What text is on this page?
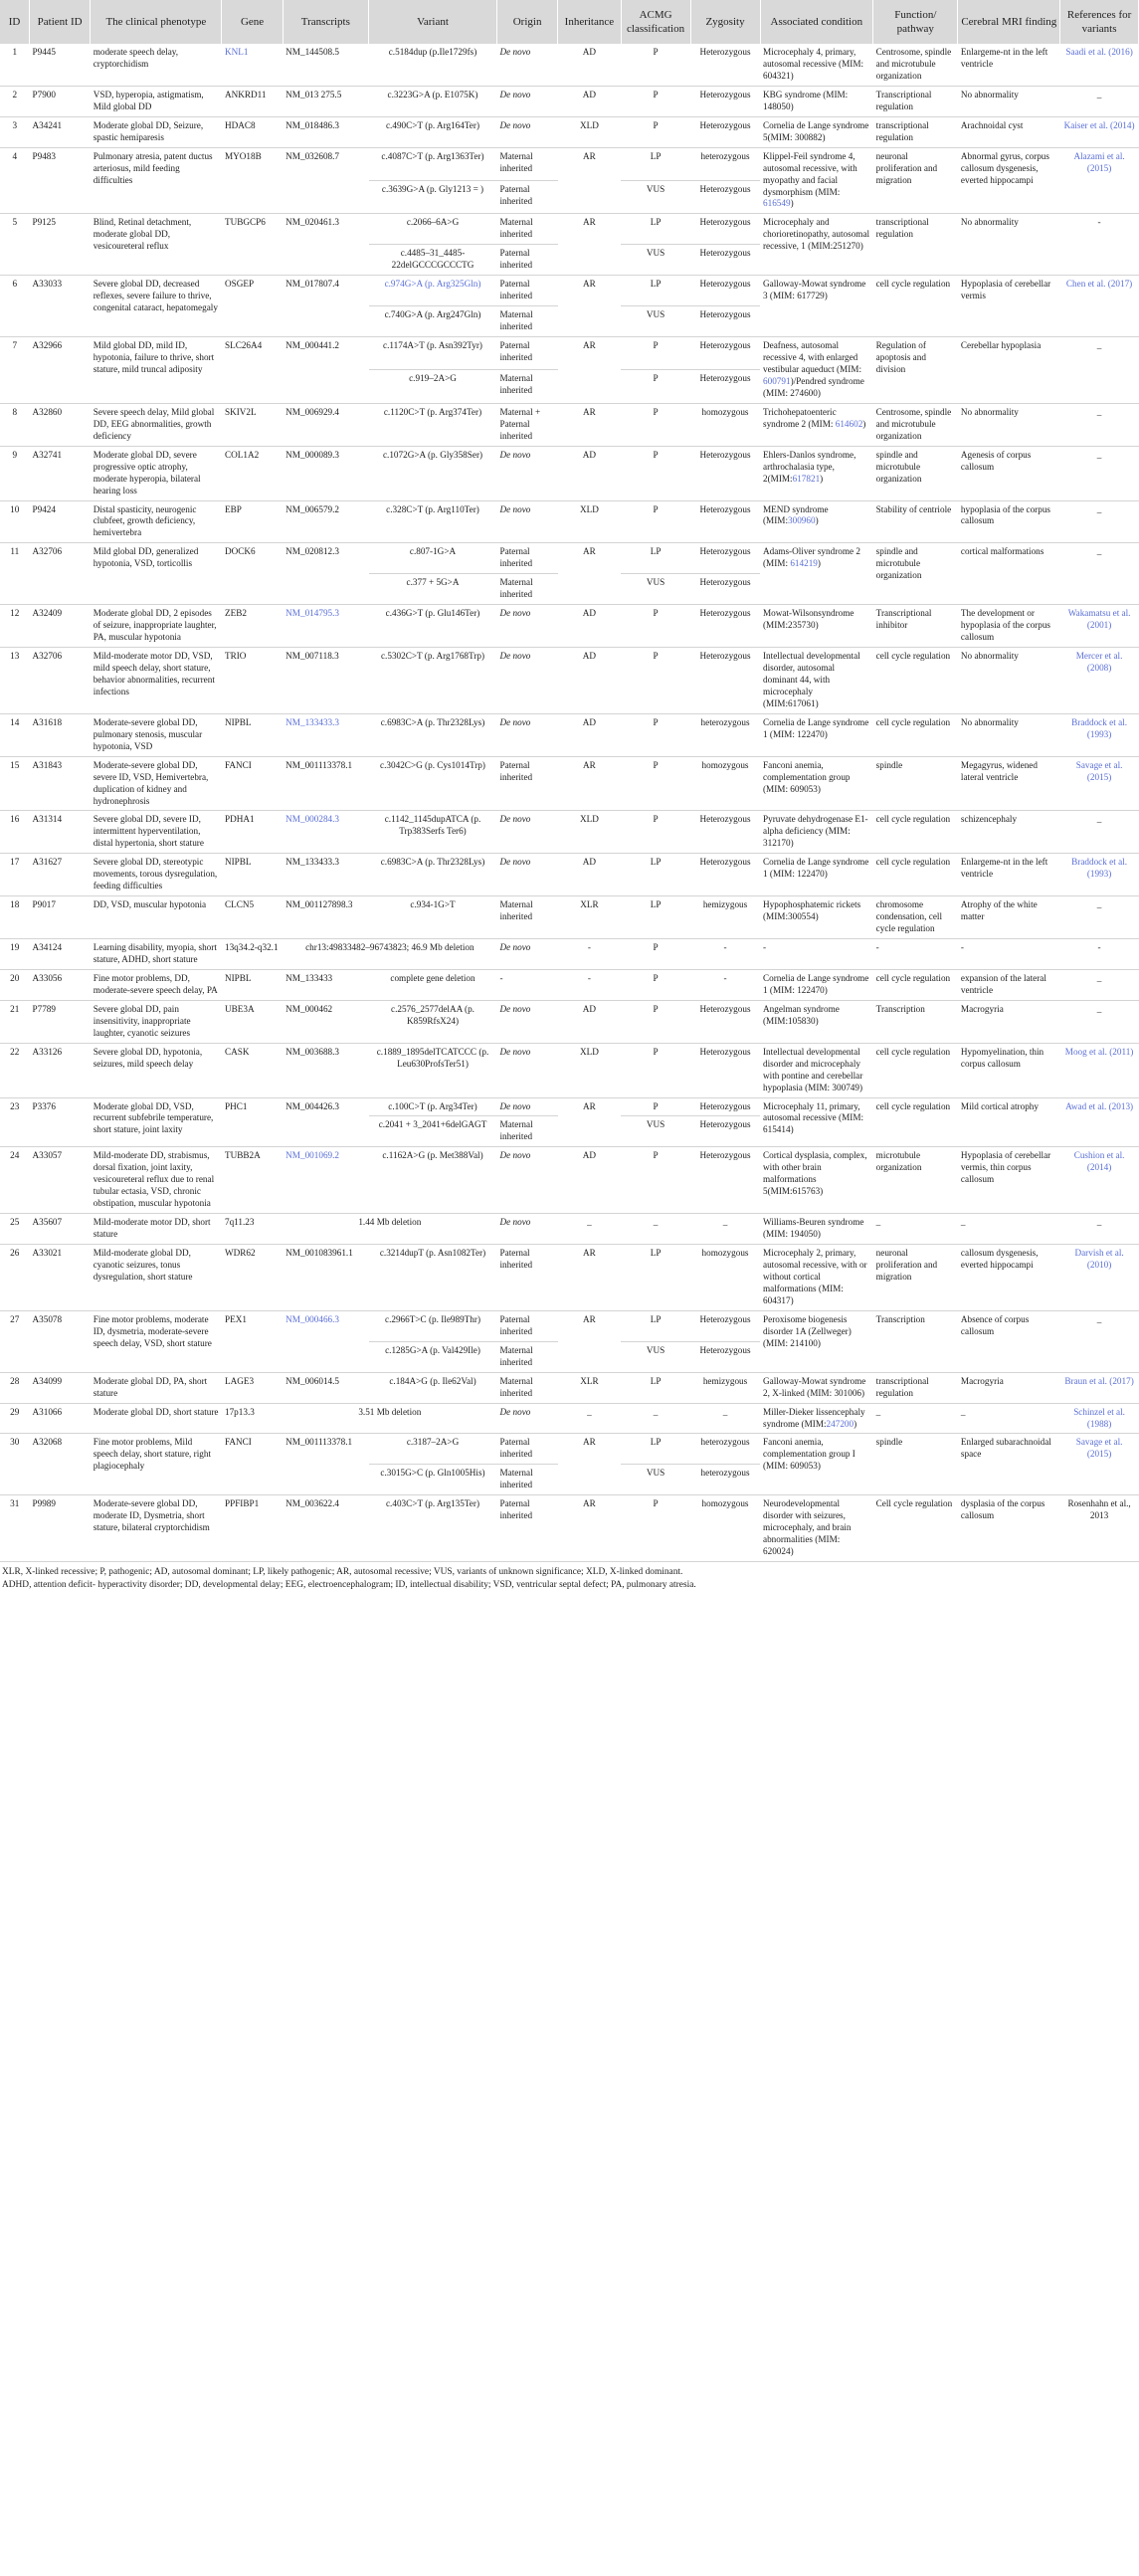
ID	Patient ID	The clinical phenotype	Gene	Transcripts	Variant	Origin	Inheritance	ACMG classification	Zygosity	Associated condition	Function/ pathway	Cerebral MRI finding	References for variants
1	P9445	moderate speech delay, cryptorchidism	KNL1	NM_144508.5	c.5184dup (p.Ile1729fs)	De novo	AD	P	Heterozygous	Microcephaly 4, primary, autosomal recessive (MIM: 604321)	Centrosome, spindle and microtubule organization	Enlargeme-nt in the left ventricle	Saadi et al. (2016)
2	P7900	VSD, hyperopia, astigmatism, Mild global DD	ANKRD11	NM_013 275.5	c.3223G>A (p. E1075K)	De novo	AD	P	Heterozygous	KBG syndrome (MIM: 148050)	Transcriptional regulation	No abnormality	_
3	A34241	Moderate global DD, Seizure, spastic hemiparesis	HDAC8	NM_018486.3	c.490C>T (p. Arg164Ter)	De novo	XLD	P	Heterozygous	Cornelia de Lange syndrome 5(MIM: 300882)	transcriptional regulation	Arachnoidal cyst	Kaiser et al. (2014)
4	P9483	Pulmonary atresia, patent ductus arteriosus, mild feeding difficulties	MYO18B	NM_032608.7	c.4087C>T (p. Arg1363Ter)	Maternal inherited	AR	LP	heterozygous	Klippel-Feil syndrome 4, autosomal recessive, with myopathy and facial dysmorphism (MIM: 616549)	neuronal proliferation and migration	Abnormal gyrus, corpus callosum dysgenesis, everted hippocampi	Alazami et al. (2015)
					c.3639G>A (p. Gly1213 = )	Paternal inherited		VUS	Heterozygous				
5	P9125	Blind, Retinal detachment, moderate global DD, vesicoureteral reflux	TUBGCP6	NM_020461.3	c.2066–6A>G	Maternal inherited	AR	LP	Heterozygous	Microcephaly and chorioretinopathy, autosomal recessive, 1 (MIM:251270)	transcriptional regulation	No abnormality	-
					c.4485–31_4485-22delGCCCGCCCTG	Paternal inherited		VUS	Heterozygous				
6	A33033	Severe global DD, decreased reflexes, severe failure to thrive, congenital cataract, hepatomegaly	OSGEP	NM_017807.4	c.974G>A (p. Arg325Gln)	Paternal inherited	AR	LP	Heterozygous	Galloway-Mowat syndrome 3 (MIM: 617729)	cell cycle regulation	Hypoplasia of cerebellar vermis	Chen et al. (2017)
					c.740G>A (p. Arg247Gln)	Maternal inherited		VUS	Heterozygous				
7	A32966	Mild global DD, mild ID, hypotonia, failure to thrive, short stature, mild truncal adiposity	SLC26A4	NM_000441.2	c.1174A>T (p. Asn392Tyr)	Paternal inherited	AR	P	Heterozygous	Deafness, autosomal recessive 4, with enlarged vestibular aqueduct (MIM: 600791)/Pendred syndrome (MIM: 274600)	Regulation of apoptosis and division	Cerebellar hypoplasia	_
					c.919–2A>G	Maternal inherited		P	Heterozygous				
8	A32860	Severe speech delay, Mild global DD, EEG abnormalities, growth deficiency	SKIV2L	NM_006929.4	c.1120C>T (p. Arg374Ter)	Maternal + Paternal inherited	AR	P	homozygous	Trichohepatoenteric syndrome 2 (MIM: 614602)	Centrosome, spindle and microtubule organization	No abnormality	_
9	A32741	Moderate global DD, severe progressive optic atrophy, moderate hyperopia, bilateral hearing loss	COL1A2	NM_000089.3	c.1072G>A (p. Gly358Ser)	De novo	AD	P	Heterozygous	Ehlers-Danlos syndrome, arthrochalasia type, 2(MIM:617821)	spindle and microtubule organization	Agenesis of corpus callosum	_
10	P9424	Distal spasticity, neurogenic clubfeet, growth deficiency, hemivertebra	EBP	NM_006579.2	c.328C>T (p. Arg110Ter)	De novo	XLD	P	Heterozygous	MEND syndrome (MIM:300960)	Stability of centriole	hypoplasia of the corpus callosum	_
11	A32706	Mild global DD, generalized hypotonia, VSD, torticollis	DOCK6	NM_020812.3	c.807-1G>A	Paternal inherited	AR	LP	Heterozygous	Adams-Oliver syndrome 2 (MIM: 614219)	spindle and microtubule organization	cortical malformations	_
					c.377 + 5G>A	Maternal inherited		VUS	Heterozygous				
12	A32409	Moderate global DD, 2 episodes of seizure, inappropriate laughter, PA, muscular hypotonia	ZEB2	NM_014795.3	c.436G>T (p. Glu146Ter)	De novo	AD	P	Heterozygous	Mowat-Wilsonsyndrome (MIM:235730)	Transcriptional inhibitor	The development or hypoplasia of the corpus callosum	Wakamatsu et al. (2001)
13	A32706	Mild-moderate motor DD, VSD, mild speech delay, short stature, behavior abnormalities, recurrent infections	TRIO	NM_007118.3	c.5302C>T (p. Arg1768Trp)	De novo	AD	P	Heterozygous	Intellectual developmental disorder, autosomal dominant 44, with microcephaly (MIM:617061)	cell cycle regulation	No abnormality	Mercer et al. (2008)
14	A31618	Moderate-severe global DD, pulmonary stenosis, muscular hypotonia, VSD	NIPBL	NM_133433.3	c.6983C>A (p. Thr2328Lys)	De novo	AD	P	heterozygous	Cornelia de Lange syndrome 1 (MIM: 122470)	cell cycle regulation	No abnormality	Braddock et al. (1993)
15	A31843	Moderate-severe global DD, severe ID, VSD, Hemivertebra, duplication of kidney and hydronephrosis	FANCI	NM_001113378.1	c.3042C>G (p. Cys1014Trp)	Paternal inherited	AR	P	homozygous	Fanconi anemia, complementation group (MIM: 609053)	spindle	Megagyrus, widened lateral ventricle	Savage et al. (2015)
16	A31314	Severe global DD, severe ID, intermittent hyperventilation, distal hypertonia, short stature	PDHA1	NM_000284.3	c.1142_1145dupATCA (p. Trp383Serfs Ter6)	De novo	XLD	P	Heterozygous	Pyruvate dehydrogenase E1-alpha deficiency (MIM: 312170)	cell cycle regulation	schizencephaly	_
17	A31627	Severe global DD, stereotypic movements, torous dysregulation, feeding difficulties	NIPBL	NM_133433.3	c.6983C>A (p. Thr2328Lys)	De novo	AD	LP	Heterozygous	Cornelia de Lange syndrome 1 (MIM: 122470)	cell cycle regulation	Enlargeme-nt in the left ventricle	Braddock et al. (1993)
18	P9017	DD, VSD, muscular hypotonia	CLCN5	NM_001127898.3	c.934-1G>T	Maternal inherited	XLR	LP	hemizygous	Hypophosphatemic rickets (MIM:300554)	chromosome condensation, cell cycle regulation	Atrophy of the white matter	_
19	A34124	Learning disability, myopia, short stature, ADHD, short stature	13q34.2-q32.1	chr13:49833482–96743823; 46.9 Mb deletion		De novo	-	P	-	-	-	-	-
20	A33056	Fine motor problems, DD, moderate-severe speech delay, PA	NIPBL	NM_133433	complete gene deletion	-	-	P	-	Cornelia de Lange syndrome 1 (MIM: 122470)	cell cycle regulation	expansion of the lateral ventricle	_
21	P7789	Severe global DD, pain insensitivity, inappropriate laughter, cyanotic seizures	UBE3A	NM_000462	c.2576_2577delAA (p. K859RfsX24)	De novo	AD	P	Heterozygous	Angelman syndrome (MIM:105830)	Transcription	Macrogyria	_
22	A33126	Severe global DD, hypotonia, seizures, mild speech delay	CASK	NM_003688.3	c.1889_1895delTCATCCC (p. Leu630ProfsTer51)	De novo	XLD	P	Heterozygous	Intellectual developmental disorder and microcephaly with pontine and cerebellar hypoplasia (MIM: 300749)	cell cycle regulation	Hypomyelination, thin corpus callosum	Moog et al. (2011)
23	P3376	Moderate global DD, VSD, recurrent subfebrile temperature, short stature, joint laxity	PHC1	NM_004426.3	c.100C>T (p. Arg34Ter)	De novo	AR	P	Heterozygous	Microcephaly 11, primary, autosomal recessive (MIM: 615414)	cell cycle regulation	Mild cortical atrophy	Awad et al. (2013)
					c.2041 + 3_2041+6delGAGT	Maternal inherited		VUS	Heterozygous				
24	A33057	Mild-moderate DD, strabismus, dorsal fixation, joint laxity, vesicoureteral reflux due to renal tubular ectasia, VSD, chronic obstipation, muscular hypotonia	TUBB2A	NM_001069.2	c.1162A>G (p. Met388Val)	De novo	AD	P	Heterozygous	Cortical dysplasia, complex, with other brain malformations 5(MIM:615763)	microtubule organization	Hypoplasia of cerebellar vermis, thin corpus callosum	Cushion et al. (2014)
25	A35607	Mild-moderate motor DD, short stature	7q11.23	1.44 Mb deletion		De novo	_	_	_	Williams-Beuren syndrome (MIM: 194050)	_	_	_
26	A33021	Mild-moderate global DD, cyanotic seizures, tonus dysregulation, short stature	WDR62	NM_001083961.1	c.3214dupT (p. Asn1082Ter)	Paternal inherited	AR	LP	homozygous	Microcephaly 2, primary, autosomal recessive, with or without cortical malformations (MIM: 604317)	neuronal proliferation and migration	callosum dysgenesis, everted hippocampi	Darvish et al. (2010)
27	A35078	Fine motor problems, moderate ID, dysmetria, moderate-severe speech delay, VSD, short stature	PEX1	NM_000466.3	c.2966T>C (p. Ile989Thr)	Paternal inherited	AR	LP	Heterozygous	Peroxisome biogenesis disorder 1A (Zellweger) (MIM: 214100)	Transcription	Absence of corpus callosum	_
					c.1285G>A (p. Val429Ile)	Maternal inherited		VUS	Heterozygous				
28	A34099	Moderate global DD, PA, short stature	LAGE3	NM_006014.5	c.184A>G (p. Ile62Val)	Maternal inherited	XLR	LP	hemizygous	Galloway-Mowat syndrome 2, X-linked (MIM: 301006)	transcriptional regulation	Macrogyria	Braun et al. (2017)
29	A31066	Moderate global DD, short stature	17p13.3	3.51 Mb deletion		De novo	_	_	_	Miller-Dieker lissencephaly syndrome (MIM:247200)	_	_	Schinzel et al. (1988)
30	A32068	Fine motor problems, Mild speech delay, short stature, right plagiocephaly	FANCI	NM_001113378.1	c.3187–2A>G	Paternal inherited	AR	LP	heterozygous	Fanconi anemia, complementation group I (MIM: 609053)	spindle	Enlarged subarachnoidal space	Savage et al. (2015)
					c.3015G>C (p. Gln1005His)	Maternal inherited		VUS	heterozygous				
31	P9989	Moderate-severe global DD, moderate ID, Dysmetria, short stature, bilateral cryptorchidism	PPFIBP1	NM_003622.4	c.403C>T (p. Arg135Ter)	Paternal inherited	AR	P	homozygous	Neurodevelopmental disorder with seizures, microcephaly, and brain abnormalities (MIM: 620024)	Cell cycle regulation	dysplasia of the corpus callosum	Rosenhahn et al., 2013
XLR, X-linked recessive; P, pathogenic; AD, autosomal dominant; LP, likely pathogenic; AR, autosomal recessive; VUS, variants of unknown significance; XLD, X-linked dominant.
ADHD, attention deficit- hyperactivity disorder; DD, developmental delay; EEG, electroencephalogram; ID, intellectual disability; VSD, ventricular septal defect; PA, pulmonary atresia.
